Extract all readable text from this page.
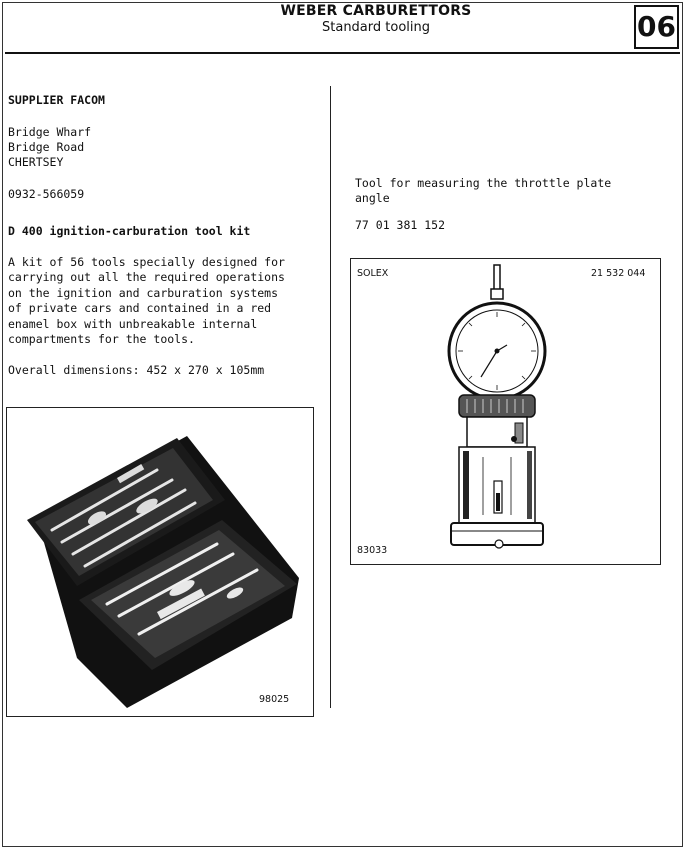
WEBER CARBURETTORS
Standard tooling	06
SUPPLIER FACOM
Bridge Wharf
Bridge Road
CHERTSEY
0932-566059
D 400 ignition-carburation tool kit
A kit of 56 tools specially designed for
carrying out all the required operations
on the ignition and carburation systems
of private cars and contained in a red
enamel box with unbreakable internal
compartments for the tools.
Overall dimensions: 452 x 270 x 105mm
98025
Tool for measuring the throttle plate
angle
77 01 381 152
SOLEX	21 532 044
83033
